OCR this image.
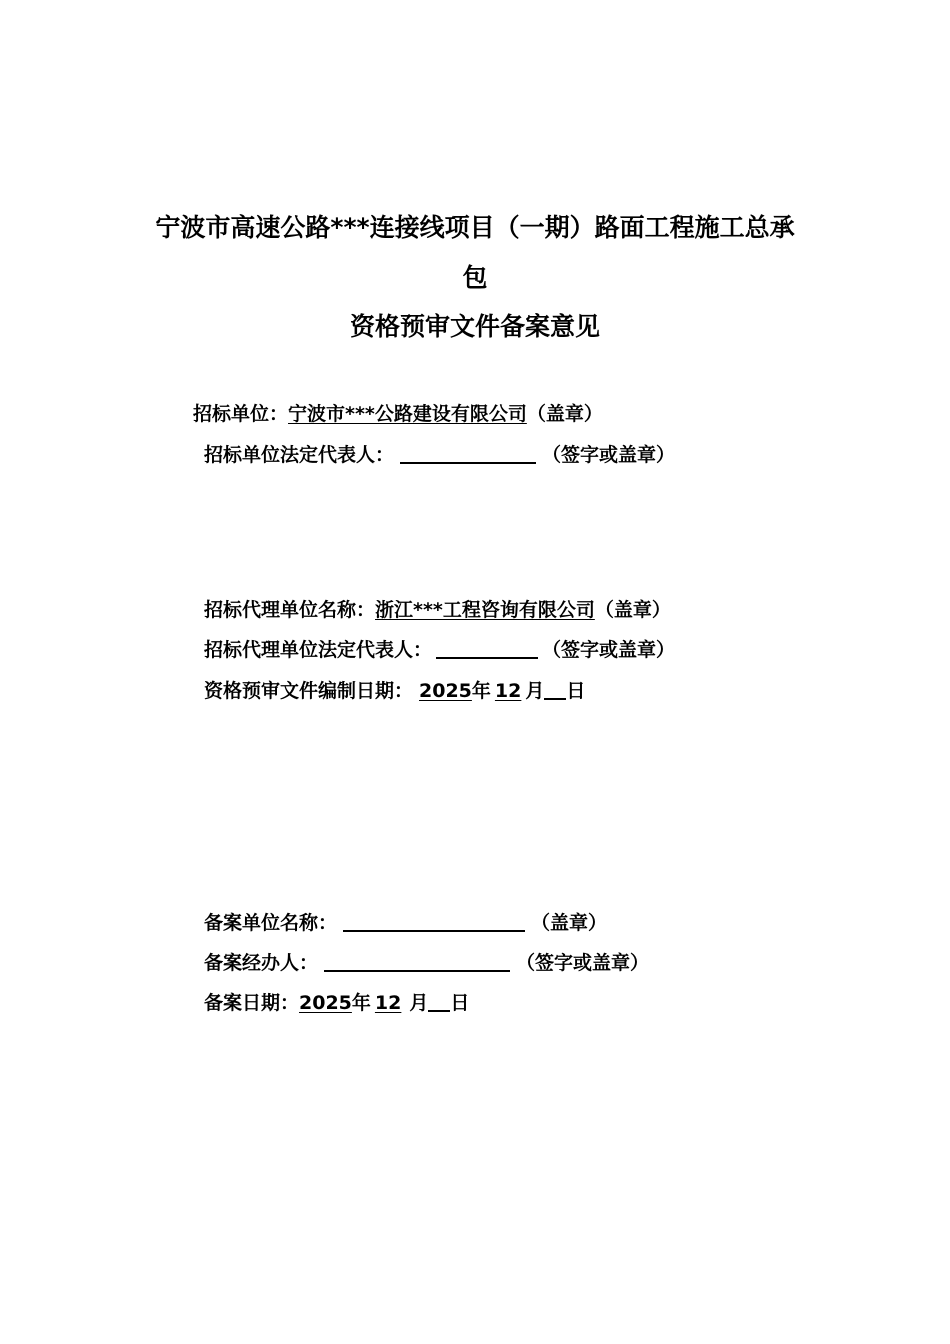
宁波市高速公路***连接线项目（一期）路面工程施工总承
包
资格预审文件备案意见
招标单位：宁波市***公路建设有限公司（盖章）
招标单位法定代表人：	（签字或盖章）
招标代理单位名称：浙江***工程咨询有限公司（盖章）
招标代理单位法定代表人：	（签字或盖章）
资格预审文件编制日期： 2025年 12 月 日
备案单位名称：	（盖章）
备案经办人：	（签字或盖章）
备案日期：2025年 12 月 日
